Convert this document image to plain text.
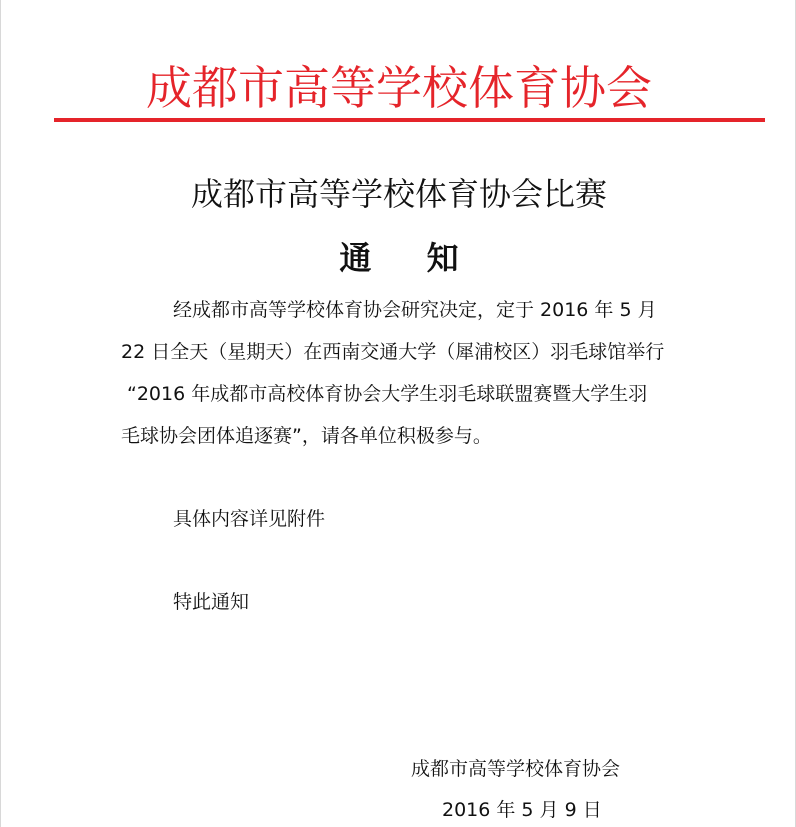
成都市高等学校体育协会
成都市高等学校体育协会比赛
通 知
经成都市高等学校体育协会研究决定，定于 2016 年 5 月
22 日全天（星期天）在西南交通大学（犀浦校区）羽毛球馆举行
“2016 年成都市高校体育协会大学生羽毛球联盟赛暨大学生羽
毛球协会团体追逐赛”，请各单位积极参与。
具体内容详见附件
特此通知
成都市高等学校体育协会
2016 年 5 月 9 日
